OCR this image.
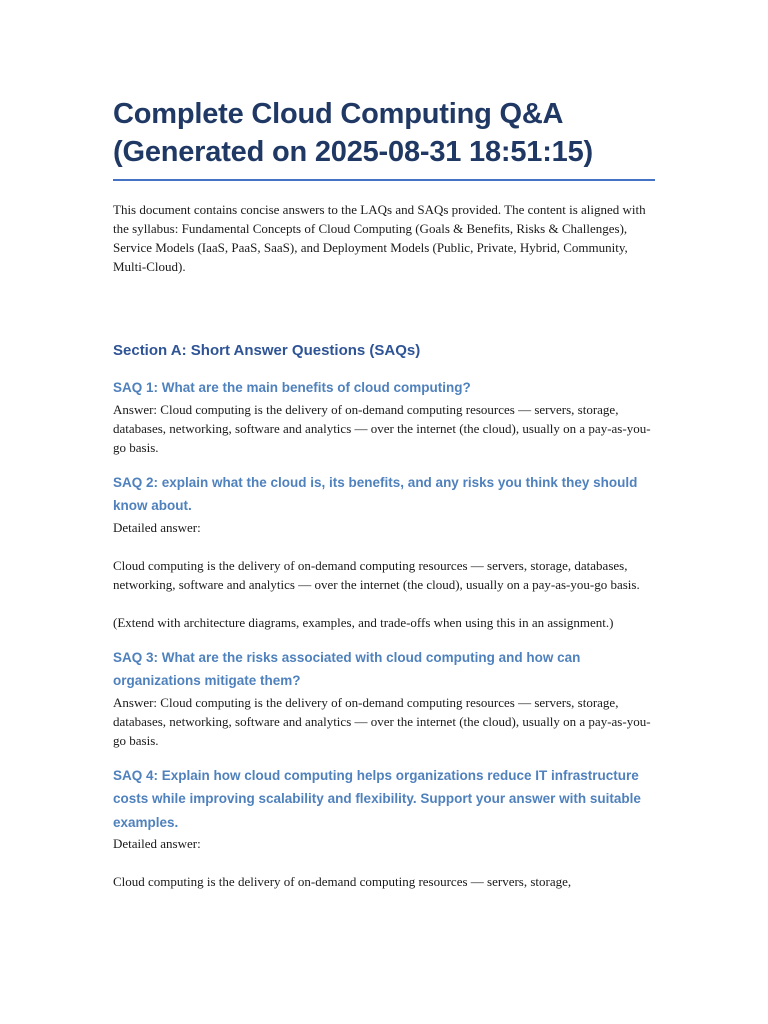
Complete Cloud Computing Q&A
(Generated on 2025-08-31 18:51:15)

This document contains concise answers to the LAQs and SAQs provided. The content is aligned with the syllabus: Fundamental Concepts of Cloud Computing (Goals & Benefits, Risks & Challenges), Service Models (IaaS, PaaS, SaaS), and Deployment Models (Public, Private, Hybrid, Community, Multi-Cloud).

Section A: Short Answer Questions (SAQs)
SAQ 1: What are the main benefits of cloud computing?

Answer: Cloud computing is the delivery of on-demand computing resources — servers, storage, databases, networking, software and analytics — over the internet (the cloud), usually on a pay-as-you-go basis.

SAQ 2: explain what the cloud is, its benefits, and any risks you think they should know about.

Detailed answer:

Cloud computing is the delivery of on-demand computing resources — servers, storage, databases, networking, software and analytics — over the internet (the cloud), usually on a pay-as-you-go basis.

(Extend with architecture diagrams, examples, and trade-offs when using this in an assignment.)

SAQ 3: What are the risks associated with cloud computing and how can organizations mitigate them?

Answer: Cloud computing is the delivery of on-demand computing resources — servers, storage, databases, networking, software and analytics — over the internet (the cloud), usually on a pay-as-you-go basis.

SAQ 4: Explain how cloud computing helps organizations reduce IT infrastructure costs while improving scalability and flexibility. Support your answer with suitable examples.

Detailed answer:

Cloud computing is the delivery of on-demand computing resources — servers, storage,
